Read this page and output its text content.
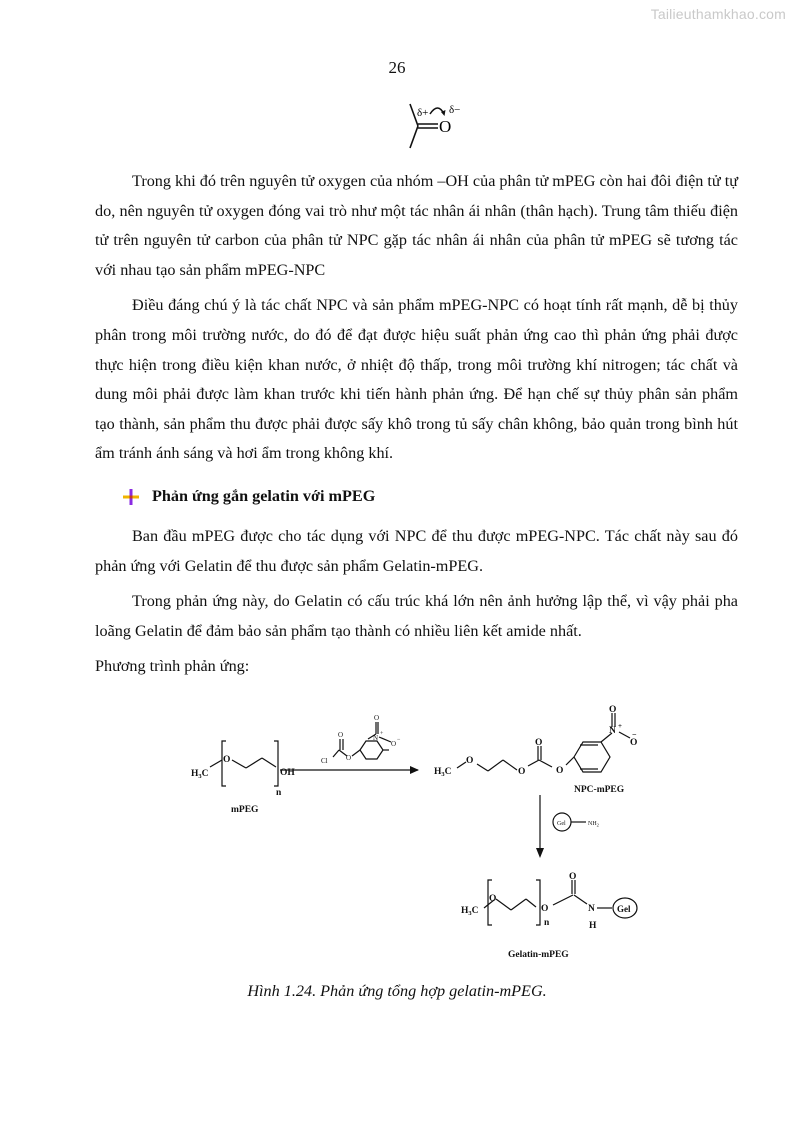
Tailieuthamkhao.com
26
O
δ+ δ−

Trong khi đó trên nguyên tử oxygen của nhóm –OH của phân tử mPEG còn hai đôi điện tử tự do, nên nguyên tử oxygen đóng vai trò như một tác nhân ái nhân (thân hạch). Trung tâm thiếu điện tử trên nguyên tử carbon của phân tử NPC gặp tác nhân ái nhân của phân tử mPEG sẽ tương tác với nhau tạo sản phẩm mPEG-NPC

Điều đáng chú ý là tác chất NPC và sản phẩm mPEG-NPC có hoạt tính rất mạnh, dễ bị thủy phân trong môi trường nước, do đó để đạt được hiệu suất phản ứng cao thì phản ứng phải được thực hiện trong điều kiện khan nước, ở nhiệt độ thấp, trong môi trường khí nitrogen; tác chất và dung môi phải được làm khan trước khi tiến hành phản ứng. Để hạn chế sự thủy phân sản phẩm tạo thành, sản phẩm thu được phải được sấy khô trong tủ sấy chân không, bảo quản trong bình hút ẩm tránh ánh sáng và hơi ẩm trong không khí.

Phản ứng gắn gelatin với mPEG

Ban đầu mPEG được cho tác dụng với NPC để thu được mPEG-NPC. Tác chất này sau đó phản ứng với Gelatin để thu được sản phẩm Gelatin-mPEG.

Trong phản ứng này, do Gelatin có cấu trúc khá lớn nên ảnh hưởng lập thể, vì vậy phải pha loãng Gelatin để đảm bảo sản phẩm tạo thành có nhiều liên kết amide nhất.

Phương trình phản ứng:

$H_3C$
O
OH
n
mPEG
Cl
O
O
N +
O
O −
$H_3C$
O
O
O
O
N +
O
O
−
NPC-mPEG
Gel	$NH_2$
$H_3C$
O
O
O
N
H
n
Gel
Gelatin-mPEG
Hình 1.24. Phản ứng tổng hợp gelatin-mPEG.
